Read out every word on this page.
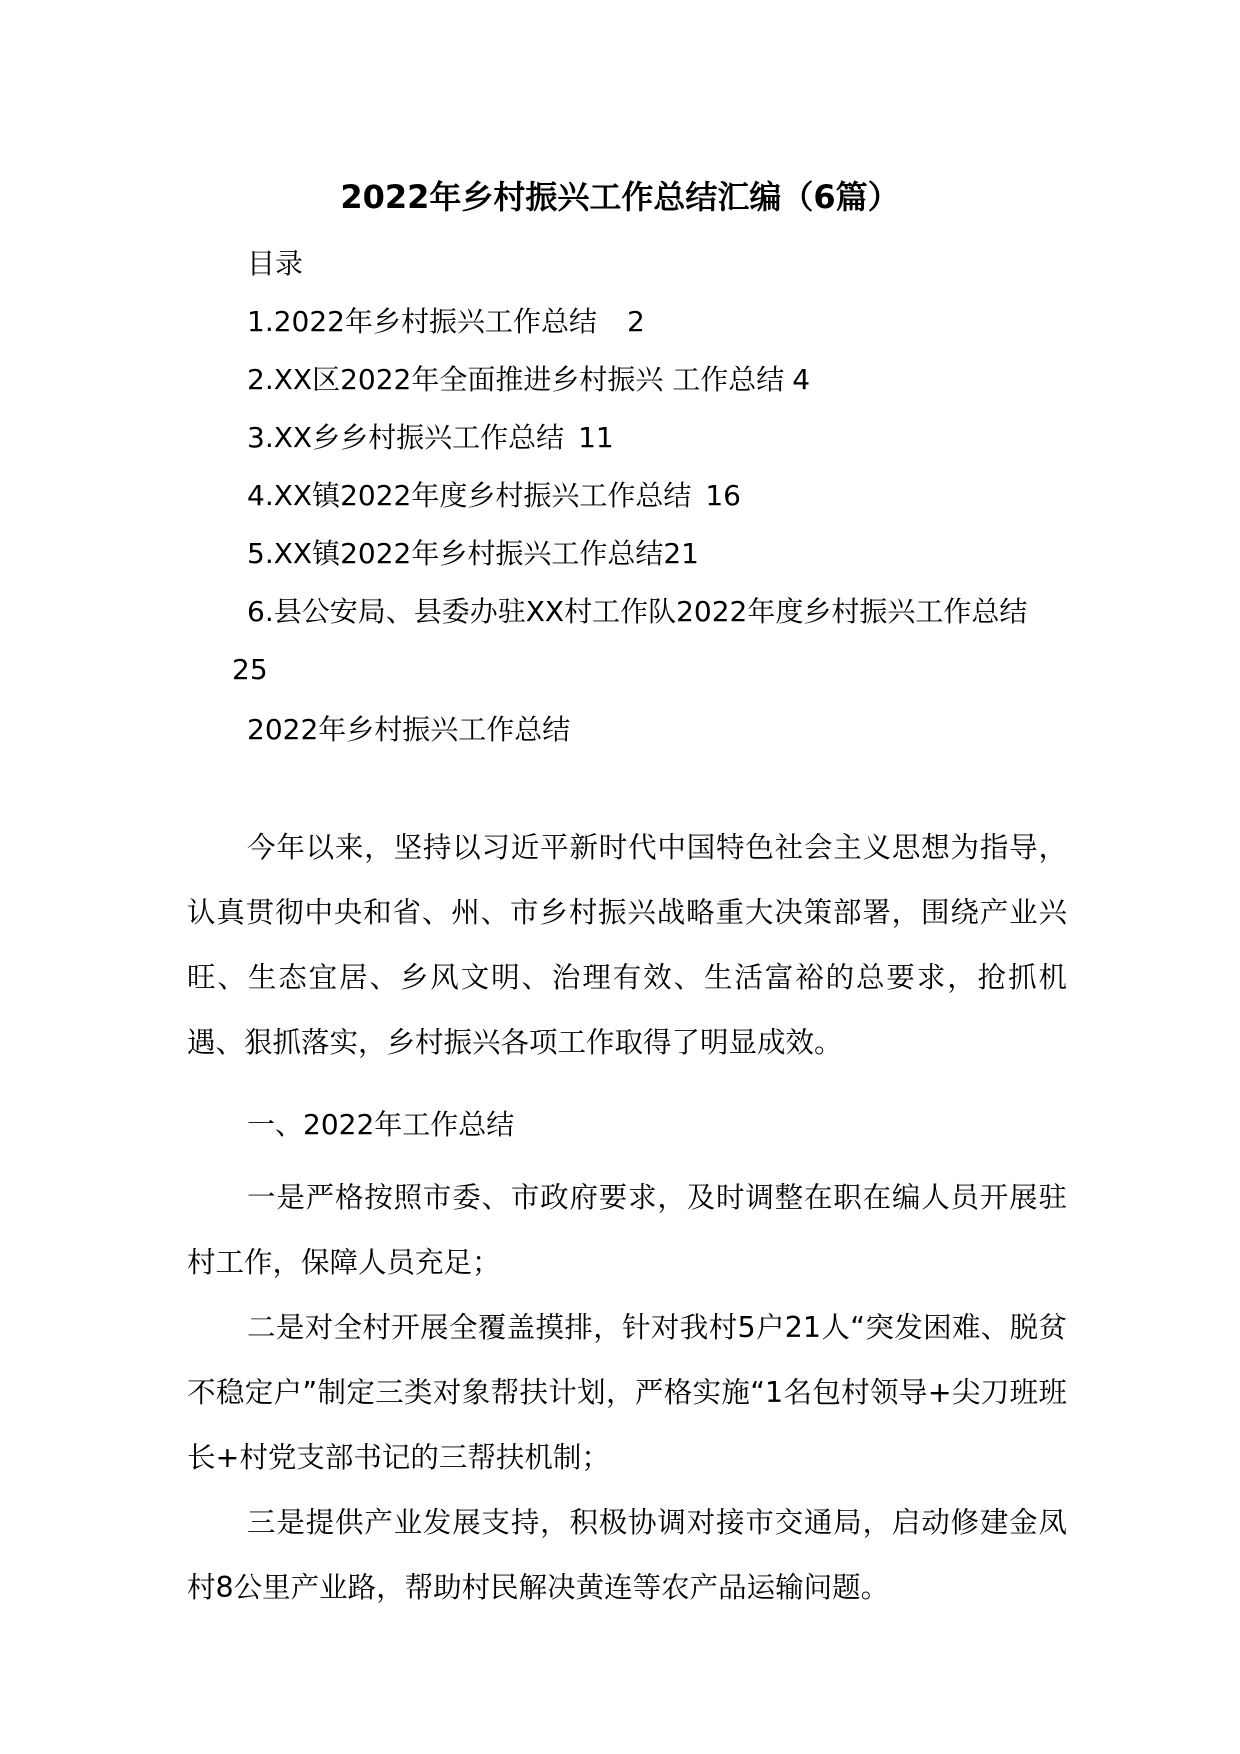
2022年乡村振兴工作总结汇编（6篇）
目录
1.2022年乡村振兴工作总结 2
2.XX区2022年全面推进乡村振兴 工作总结 4
3.XX乡乡村振兴工作总结 11
4.XX镇2022年度乡村振兴工作总结 16
5.XX镇2022年乡村振兴工作总结21
6.县公安局、县委办驻XX村工作队2022年度乡村振兴工作总结
25
2022年乡村振兴工作总结
今年以来，坚持以习近平新时代中国特色社会主义思想为指导，认真贯彻中央和省、州、市乡村振兴战略重大决策部署，围绕产业兴旺、生态宜居、乡风文明、治理有效、生活富裕的总要求，抢抓机遇、狠抓落实，乡村振兴各项工作取得了明显成效。
一、2022年工作总结
一是严格按照市委、市政府要求，及时调整在职在编人员开展驻村工作，保障人员充足；
二是对全村开展全覆盖摸排，针对我村5户21人“突发困难、脱贫不稳定户”制定三类对象帮扶计划，严格实施“1名包村领导+尖刀班班长+村党支部书记的三帮扶机制；
三是提供产业发展支持，积极协调对接市交通局，启动修建金凤村8公里产业路，帮助村民解决黄连等农产品运输问题。
